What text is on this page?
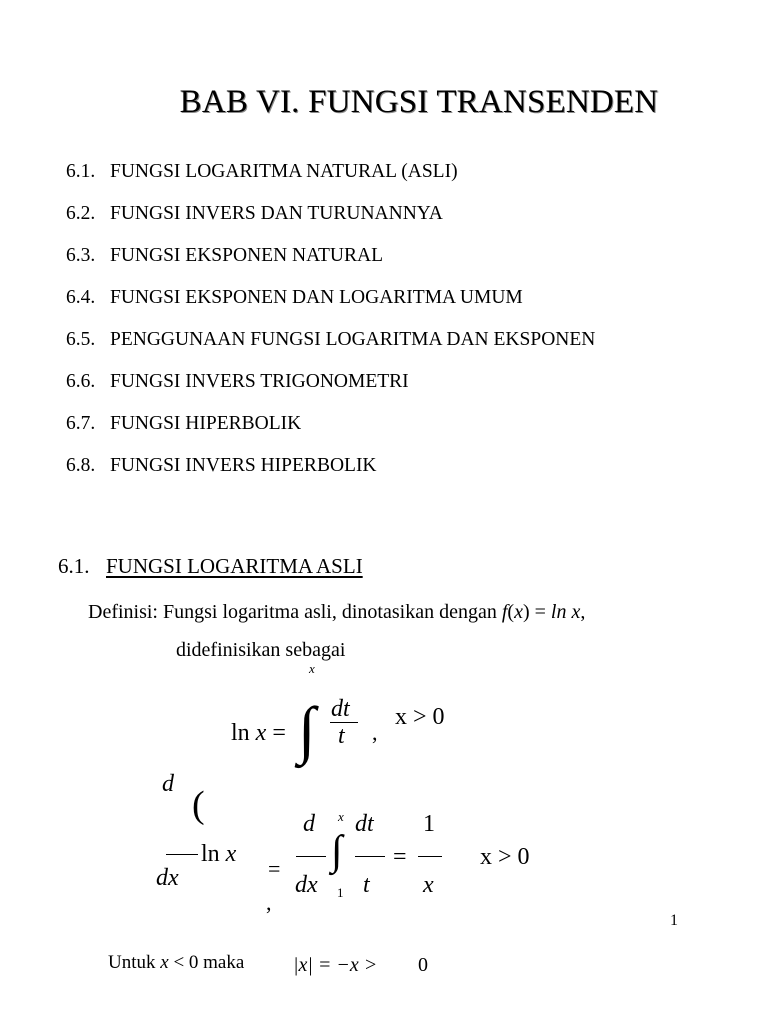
BAB VI. FUNGSI TRANSENDEN
6.1. FUNGSI LOGARITMA NATURAL (ASLI)
6.2. FUNGSI INVERS DAN TURUNANNYA
6.3. FUNGSI EKSPONEN NATURAL
6.4. FUNGSI EKSPONEN DAN LOGARITMA UMUM
6.5. PENGGUNAAN FUNGSI LOGARITMA DAN EKSPONEN
6.6. FUNGSI INVERS TRIGONOMETRI
6.7. FUNGSI HIPERBOLIK
6.8. FUNGSI INVERS HIPERBOLIK
6.1. FUNGSI LOGARITMA ASLI
Definisi: Fungsi logaritma asli, dinotasikan dengan f(x) = ln x,
didefinisikan sebagai
x
ln x = ∫ dt
t ,
x > 0
d (
ln x
dx	=
,
d
dx
x
∫
1
dt
t
=
1
x
x > 0
1
Untuk x < 0 maka |x| = −x > 0
